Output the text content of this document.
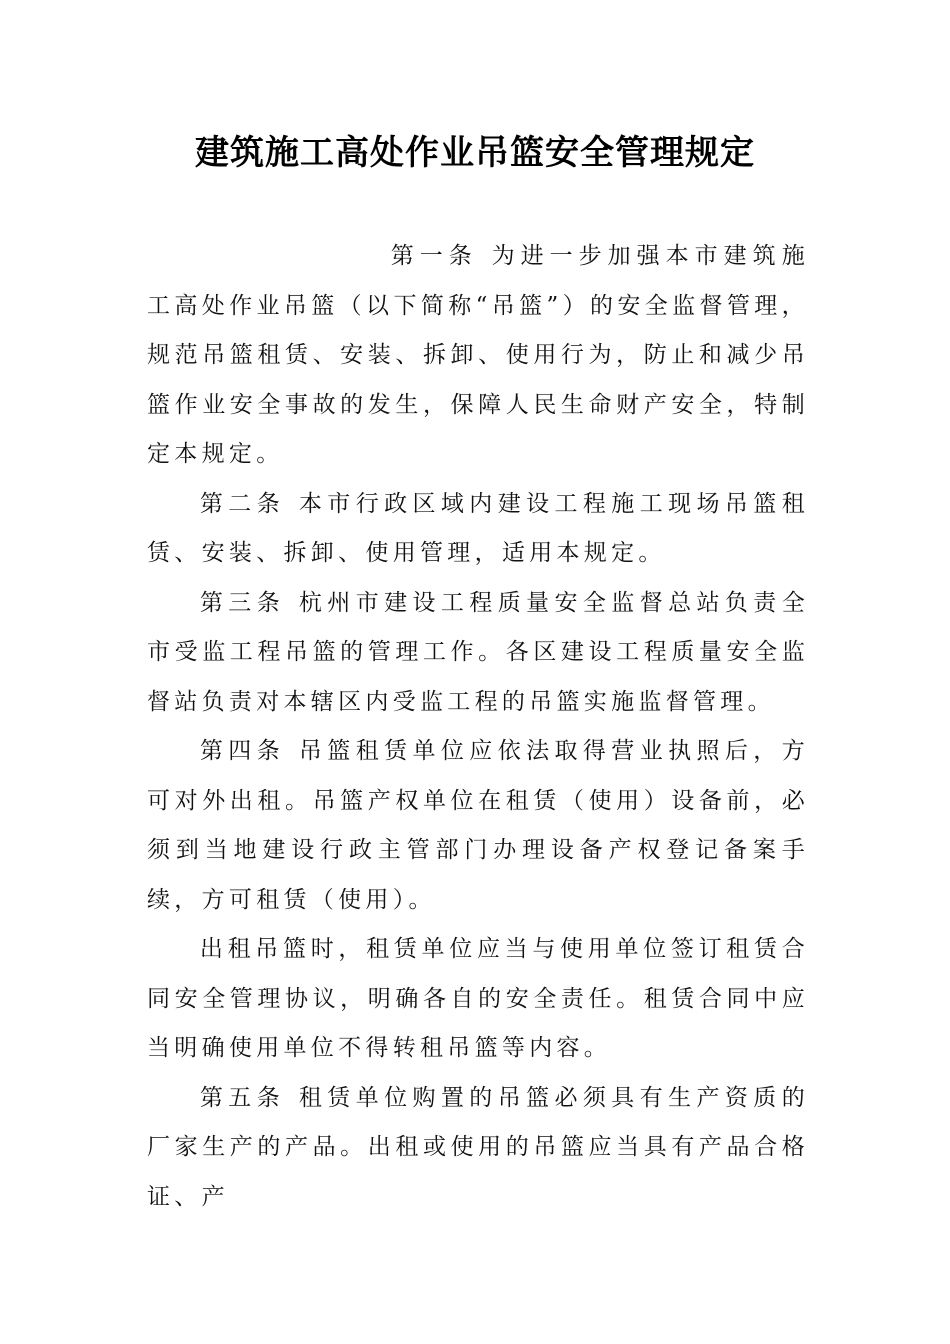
建筑施工高处作业吊篮安全管理规定

第一条 为进一步加强本市建筑施工高处作业吊篮（以下简称“吊篮”）的安全监督管理，规范吊篮租赁、安装、拆卸、使用行为，防止和减少吊篮作业安全事故的发生，保障人民生命财产安全，特制定本规定。

第二条 本市行政区域内建设工程施工现场吊篮租赁、安装、拆卸、使用管理，适用本规定。

第三条 杭州市建设工程质量安全监督总站负责全市受监工程吊篮的管理工作。各区建设工程质量安全监督站负责对本辖区内受监工程的吊篮实施监督管理。

第四条 吊篮租赁单位应依法取得营业执照后，方可对外出租。吊篮产权单位在租赁（使用）设备前，必须到当地建设行政主管部门办理设备产权登记备案手续，方可租赁（使用）。

出租吊篮时，租赁单位应当与使用单位签订租赁合同安全管理协议，明确各自的安全责任。租赁合同中应当明确使用单位不得转租吊篮等内容。

第五条 租赁单位购置的吊篮必须具有生产资质的厂家生产的产品。出租或使用的吊篮应当具有产品合格证、产
